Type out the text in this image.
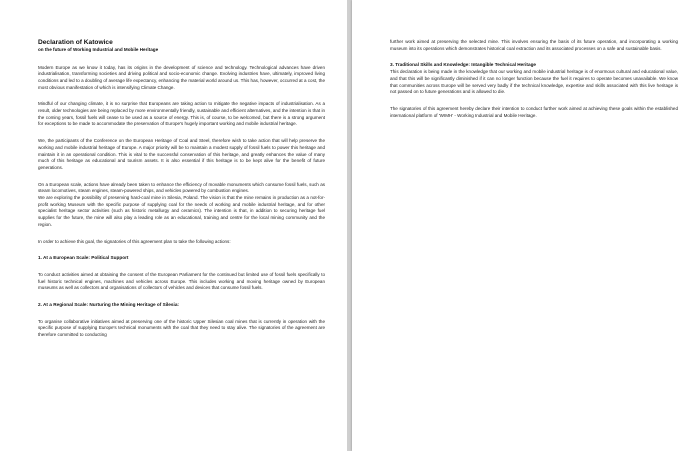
Declaration of Katowice
on the future of Working Industrial and Mobile Heritage

Modern Europe as we know it today, has its origins in the development of science and technology. Technological advances have driven industrialisation, transforming societies and driving political and socio-economic change. Evolving industries have, ultimately, improved living conditions and led to a doubling of average life expectancy, enhancing the material world around us. This has, however, occurred at a cost, the most obvious manifestation of which is intensifying Climate Change.

Mindful of our changing climate, it is no surprise that Europeans are taking action to mitigate the negative impacts of industrialisation. As a result, older technologies are being replaced by more environmentally friendly, sustainable and efficient alternatives, and the intention is that in the coming years, fossil fuels will cease to be used as a source of energy. This is, of course, to be welcomed, but there is a strong argument for exceptions to be made to accommodate the preservation of Europe's hugely important working and mobile industrial heritage.

We, the participants of the Conference on the European Heritage of Coal and Steel, therefore wish to take action that will help preserve the working and mobile industrial heritage of Europe. A major priority will be to maintain a modest supply of fossil fuels to power this heritage and maintain it in an operational condition. This is vital to the successful conservation of this heritage, and greatly enhances the value of many much of this heritage as educational and tourism assets. It is also essential if this heritage is to be kept alive for the benefit of future generations.

On a European scale, actions have already been taken to enhance the efficiency of movable monuments which consume fossil fuels, such as steam locomotives, steam engines, steam-powered ships, and vehicles powered by combustion engines.

We are exploring the possibility of preserving hard-coal mine in Silesia, Poland. The vision is that the mine remains in production as a not-for-profit working Museum with the specific purpose of supplying coal for the needs of working and mobile industrial heritage, and for other specialist heritage sector activities (such as historic metallurgy and ceramics). The intention is that, in addition to securing heritage fuel supplies for the future, the mine will also play a leading role as an educational, training and centre for the local mining community and the region.

In order to achieve this goal, the signatories of this agreement plan to take the following actions:

1. At a European Scale: Political Support

To conduct activities aimed at obtaining the consent of the European Parliament for the continued but limited use of fossil fuels specifically to fuel historic technical engines, machines and vehicles across Europe. This includes working and moving heritage owned by European museums as well as collectors and organisations of collectors of vehicles and devices that consume fossil fuels.

2. At a Regional Scale: Nurturing the Mining Heritage of Silesia:

To organise collaborative initiatives aimed at preserving one of the historic Upper Silesian coal mines that is currently in operation with the specific purpose of supplying Europe's technical monuments with the coal that they need to stay alive. The signatories of the agreement are therefore committed to conducting

further work aimed at preserving the selected mine. This involves ensuring the basis of its future operation, and incorporating a working museum into its operations which demonstrates historical coal extraction and its associated processes on a safe and sustainable basis.

3. Traditional Skills and Knowledge: Intangible Technical Heritage

This declaration is being made in the knowledge that our working and mobile industrial heritage is of enormous cultural and educational value, and that this will be significantly diminished if it can no longer function because the fuel it requires to operate becomes unavailable. We know that communities across Europe will be served very badly if the technical knowledge, expertise and skills associated with this live heritage is not passed on to future generations and is allowed to die.

The signatories of this agreement hereby declare their intention to conduct further work aimed at achieving these goals within the established international platform of 'WIMH' - Working Industrial and Mobile Heritage.
